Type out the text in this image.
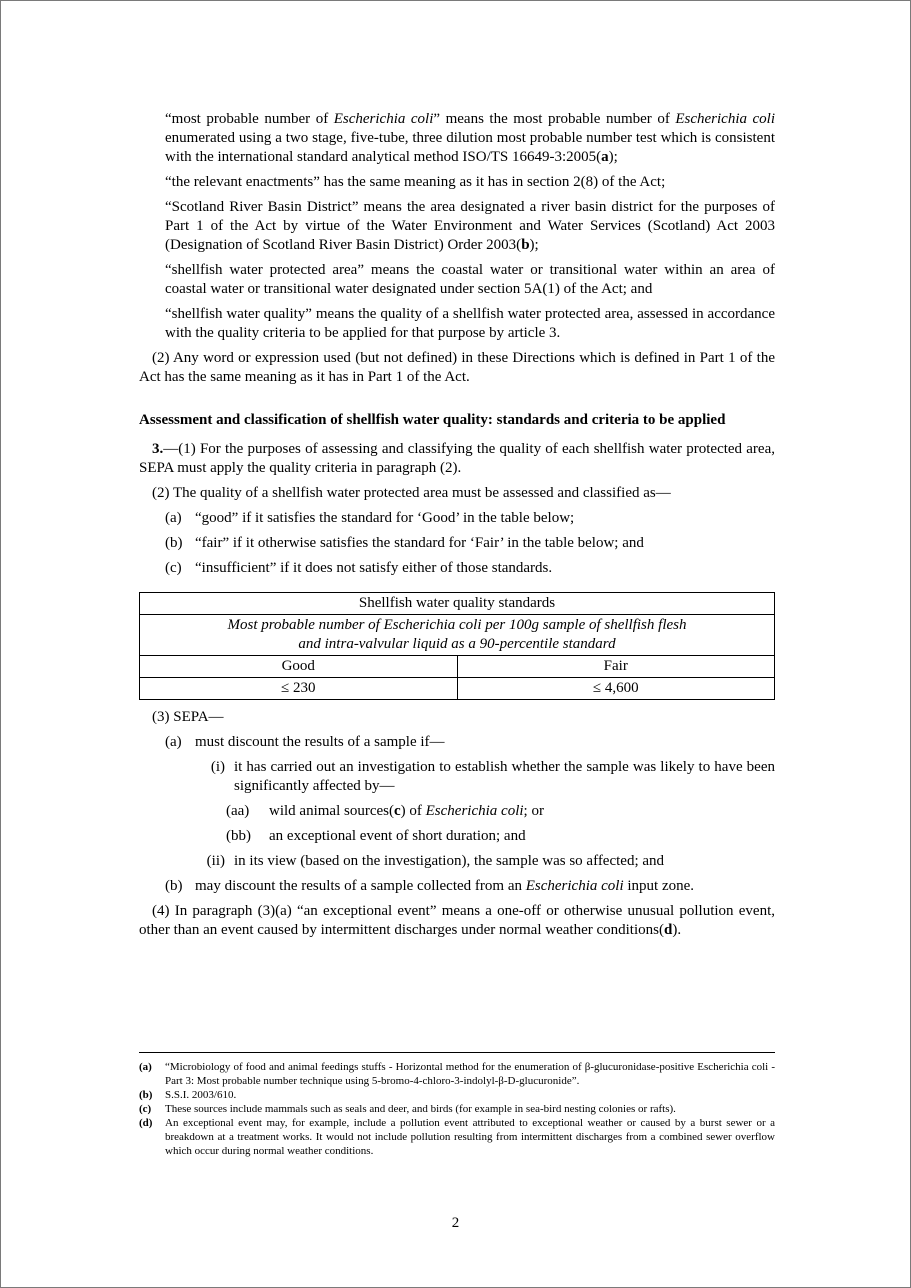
“most probable number of Escherichia coli” means the most probable number of Escherichia coli enumerated using a two stage, five-tube, three dilution most probable number test which is consistent with the international standard analytical method ISO/TS 16649-3:2005(a);

“the relevant enactments” has the same meaning as it has in section 2(8) of the Act;

“Scotland River Basin District” means the area designated a river basin district for the purposes of Part 1 of the Act by virtue of the Water Environment and Water Services (Scotland) Act 2003 (Designation of Scotland River Basin District) Order 2003(b);

“shellfish water protected area” means the coastal water or transitional water within an area of coastal water or transitional water designated under section 5A(1) of the Act; and

“shellfish water quality” means the quality of a shellfish water protected area, assessed in accordance with the quality criteria to be applied for that purpose by article 3.

(2) Any word or expression used (but not defined) in these Directions which is defined in Part 1 of the Act has the same meaning as it has in Part 1 of the Act.

Assessment and classification of shellfish water quality: standards and criteria to be applied

3.—(1) For the purposes of assessing and classifying the quality of each shellfish water protected area, SEPA must apply the quality criteria in paragraph (2).

(2) The quality of a shellfish water protected area must be assessed and classified as—

(a) “good” if it satisfies the standard for ‘Good’ in the table below;
(b) “fair” if it otherwise satisfies the standard for ‘Fair’ in the table below; and
(c) “insufficient” if it does not satisfy either of those standards.
Shellfish water quality standards	
Most probable number of Escherichia coli per 100g sample of shellfish flesh
and intra-valvular liquid as a 90-percentile standard	
Good	Fair
≤ 230	≤ 4,600

(3) SEPA—

(a) must discount the results of a sample if—
(i) it has carried out an investigation to establish whether the sample was likely to have been significantly affected by—
(aa)	wild animal sources(c) of Escherichia coli; or
(bb)	an exceptional event of short duration; and
(ii) in its view (based on the investigation), the sample was so affected; and
(b) may discount the results of a sample collected from an Escherichia coli input zone.

(4) In paragraph (3)(a) “an exceptional event” means a one-off or otherwise unusual pollution event, other than an event caused by intermittent discharges under normal weather conditions(d).

(a)	“Microbiology of food and animal feedings stuffs - Horizontal method for the enumeration of β-glucuronidase-positive Escherichia coli - Part 3: Most probable number technique using 5-bromo-4-chloro-3-indolyl-β-D-glucuronide”.
(b)	S.S.I. 2003/610.
(c)	These sources include mammals such as seals and deer, and birds (for example in sea-bird nesting colonies or rafts).
(d)	An exceptional event may, for example, include a pollution event attributed to exceptional weather or caused by a burst sewer or a breakdown at a treatment works. It would not include pollution resulting from intermittent discharges from a combined sewer overflow which occur during normal weather conditions.
2
